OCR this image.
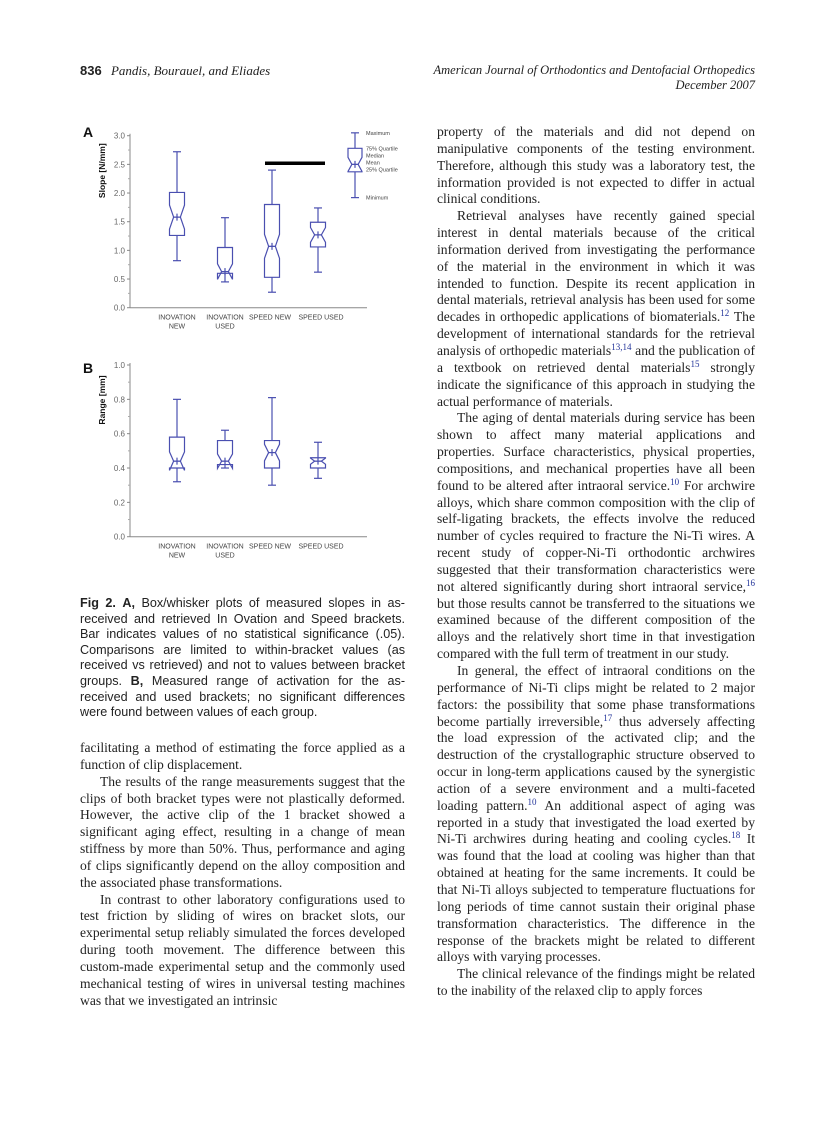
836 Pandis, Bourauel, and Eliades	American Journal of Orthodontics and Dentofacial Orthopedics
December 2007
A
Slope [N/mm]
0.0
0.5
1.0
1.5
2.0
2.5
3.0
INOVATION
NEW
INOVATION
USED
SPEED NEW SPEED USED
Maximum
75% Quartile
Median
Mean
25% Quartile
Minimum
B
Range [mm]
0.0
0.2
0.4
0.6
0.8
1.0
INOVATION
NEW
INOVATION
USED
SPEED NEW SPEED USED
Fig 2. A, Box/whisker plots of measured slopes in as-received and retrieved In Ovation and Speed brackets. Bar indicates values of no statistical significance (.05). Comparisons are limited to within-bracket values (as received vs retrieved) and not to values between bracket groups. B, Measured range of activation for the as-received and used brackets; no significant differences were found between values of each group.

facilitating a method of estimating the force applied as a function of clip displacement.

The results of the range measurements suggest that the clips of both bracket types were not plastically deformed. However, the active clip of the 1 bracket showed a significant aging effect, resulting in a change of mean stiffness by more than 50%. Thus, performance and aging of clips significantly depend on the alloy composition and the associated phase transformations.

In contrast to other laboratory configurations used to test friction by sliding of wires on bracket slots, our experimental setup reliably simulated the forces developed during tooth movement. The difference between this custom-made experimental setup and the commonly used mechanical testing of wires in universal testing machines was that we investigated an intrinsic

property of the materials and did not depend on manipulative components of the testing environment. Therefore, although this study was a laboratory test, the information provided is not expected to differ in actual clinical conditions.

Retrieval analyses have recently gained special interest in dental materials because of the critical information derived from investigating the performance of the material in the environment in which it was intended to function. Despite its recent application in dental materials, retrieval analysis has been used for some decades in orthopedic applications of biomaterials.$^{12}$ The development of international standards for the retrieval analysis of orthopedic materials$^{13,14}$ and the publication of a textbook on retrieved dental materials$^{15}$ strongly indicate the significance of this approach in studying the actual performance of materials.

The aging of dental materials during service has been shown to affect many material applications and properties. Surface characteristics, physical properties, compositions, and mechanical properties have all been found to be altered after intraoral service.$^{10}$ For archwire alloys, which share common composition with the clip of self-ligating brackets, the effects involve the reduced number of cycles required to fracture the Ni-Ti wires. A recent study of copper-Ni-Ti orthodontic archwires suggested that their transformation characteristics were not altered significantly during short intraoral service,$^{16}$ but those results cannot be transferred to the situations we examined because of the different composition of the alloys and the relatively short time in that investigation compared with the full term of treatment in our study.

In general, the effect of intraoral conditions on the performance of Ni-Ti clips might be related to 2 major factors: the possibility that some phase transformations become partially irreversible,$^{17}$ thus adversely affecting the load expression of the activated clip; and the destruction of the crystallographic structure observed to occur in long-term applications caused by the synergistic action of a severe environment and a multi-faceted loading pattern.$^{10}$ An additional aspect of aging was reported in a study that investigated the load exerted by Ni-Ti archwires during heating and cooling cycles.$^{18}$ It was found that the load at cooling was higher than that obtained at heating for the same increments. It could be that Ni-Ti alloys subjected to temperature fluctuations for long periods of time cannot sustain their original phase transformation characteristics. The difference in the response of the brackets might be related to different alloys with varying processes.

The clinical relevance of the findings might be related to the inability of the relaxed clip to apply forces
